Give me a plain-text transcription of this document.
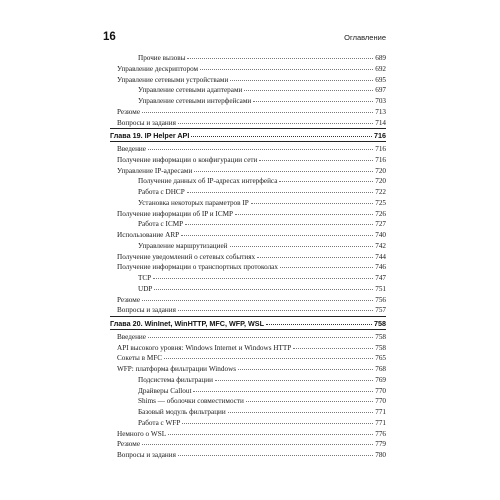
16	Оглавление
Прочие вызовы	689
Управление дескриптором	692
Управление сетевыми устройствами	695
Управление сетевыми адаптерами	697
Управление сетевыми интерфейсами	703
Резюме	713
Вопросы и задания	714
Глава 19. IP Helper API	716
Введение	716
Получение информации о конфигурации сети	716
Управление IP-адресами	720
Получение данных об IP-адресах интерфейса	720
Работа с DHCP	722
Установка некоторых параметров IP	725
Получение информации об IP и ICMP	726
Работа с ICMP	727
Использование ARP	740
Управление маршрутизацией	742
Получение уведомлений о сетевых событиях	744
Получение информации о транспортных протоколах	746
TCP	747
UDP	751
Резюме	756
Вопросы и задания	757
Глава 20. WinInet, WinHTTP, MFC, WFP, WSL	758
Введение	758
API высокого уровня: Windows Internet и Windows HTTP	758
Сокеты в MFC	765
WFP: платформа фильтрации Windows	768
Подсистема фильтрации	769
Драйверы Callout	770
Shims — оболочки совместимости	770
Базовый модуль фильтрации	771
Работа с WFP	771
Немного о WSL	776
Резюме	779
Вопросы и задания	780
